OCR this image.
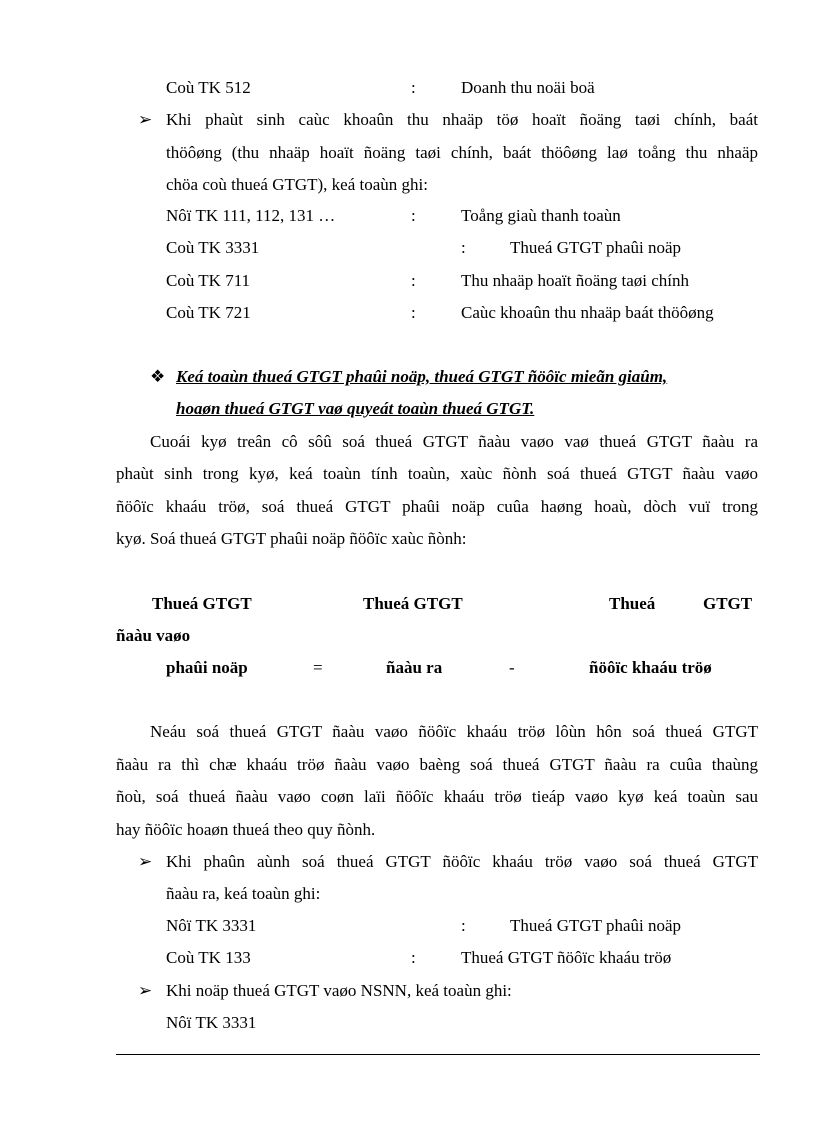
Coù TK 512	:	Doanh thu noäi boä
➢ Khi phaùt sinh caùc khoaûn thu nhaäp töø hoaït ñoäng taøi chính, baát
thöôøng (thu nhaäp hoaït ñoäng taøi chính, baát thöôøng laø toång thu nhaäp
chöa coù thueá GTGT), keá toaùn ghi:
Nôï TK 111, 112, 131 …	:	Toång giaù thanh toaùn
Coù TK 3331	:	Thueá GTGT phaûi noäp
Coù TK 711	:	Thu nhaäp hoaït ñoäng taøi chính
Coù TK 721	:	Caùc khoaûn thu nhaäp baát thöôøng
❖ Keá toaùn thueá GTGT phaûi noäp, thueá GTGT ñöôïc mieãn giaûm,
hoaøn thueá GTGT vaø quyeát toaùn thueá GTGT.
Cuoái kyø treân cô sôû soá thueá GTGT ñaàu vaøo vaø thueá GTGT ñaàu ra
phaùt sinh trong kyø, keá toaùn tính toaùn, xaùc ñònh soá thueá GTGT ñaàu vaøo
ñöôïc khaáu tröø, soá thueá GTGT phaûi noäp cuûa haøng hoaù, dòch vuï trong
kyø. Soá thueá GTGT phaûi noäp ñöôïc xaùc ñònh:
Thueá GTGT	Thueá GTGT	Thueá	GTGT
ñaàu vaøo
phaûi noäp	=	ñaàu ra	-	ñöôïc khaáu tröø
Neáu soá thueá GTGT ñaàu vaøo ñöôïc khaáu tröø lôùn hôn soá thueá GTGT
ñaàu ra thì chæ khaáu tröø ñaàu vaøo baèng soá thueá GTGT ñaàu ra cuûa thaùng
ñoù, soá thueá ñaàu vaøo coøn laïi ñöôïc khaáu tröø tieáp vaøo kyø keá toaùn sau
hay ñöôïc hoaøn thueá theo quy ñònh.
➢ Khi phaûn aùnh soá thueá GTGT ñöôïc khaáu tröø vaøo soá thueá GTGT
ñaàu ra, keá toaùn ghi:
Nôï TK 3331	:	Thueá GTGT phaûi noäp
Coù TK 133	:	Thueá GTGT ñöôïc khaáu tröø
➢ Khi noäp thueá GTGT vaøo NSNN, keá toaùn ghi:
Nôï TK 3331
